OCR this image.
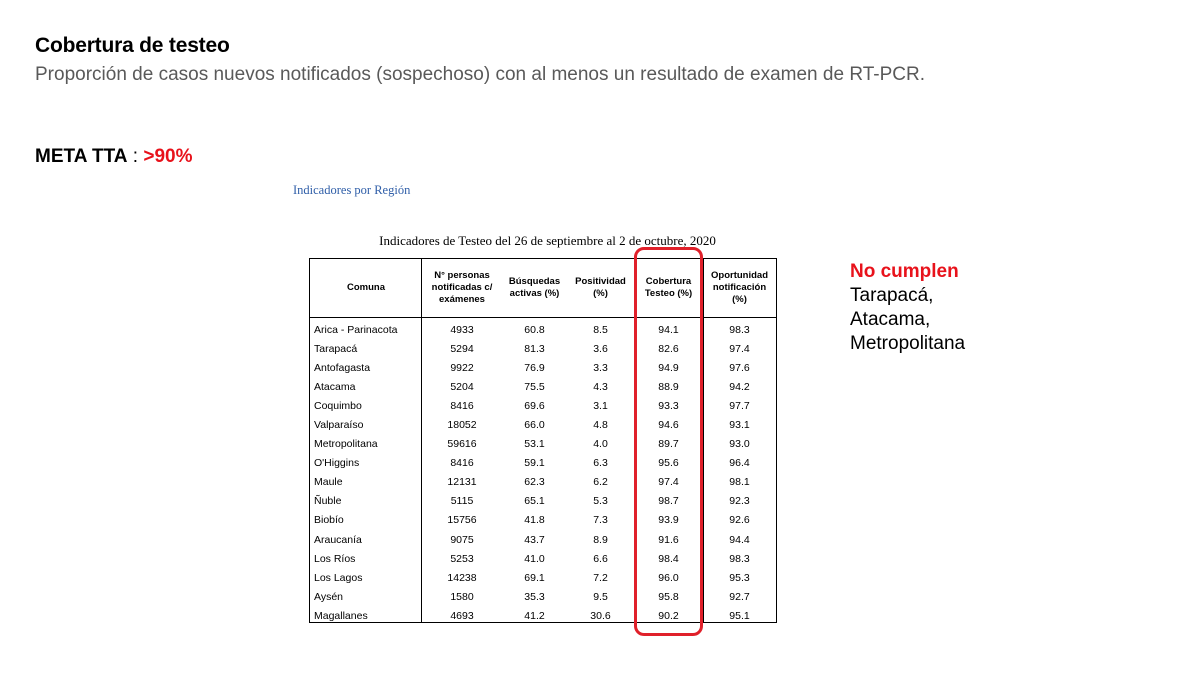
Cobertura de testeo
Proporción de casos nuevos notificados (sospechoso) con al menos un resultado de examen de RT-PCR.
META TTA : >90%
Indicadores por Región
Indicadores de Testeo del 26 de septiembre al 2 de octubre, 2020
Comuna	N° personas notificadas c/ exámenes	Búsquedas activas (%)	Positividad (%)	Cobertura Testeo (%)	Oportunidad notificación (%)
Arica - Parinacota	4933	60.8	8.5	94.1	98.3
Tarapacá	5294	81.3	3.6	82.6	97.4
Antofagasta	9922	76.9	3.3	94.9	97.6
Atacama	5204	75.5	4.3	88.9	94.2
Coquimbo	8416	69.6	3.1	93.3	97.7
Valparaíso	18052	66.0	4.8	94.6	93.1
Metropolitana	59616	53.1	4.0	89.7	93.0
O'Higgins	8416	59.1	6.3	95.6	96.4
Maule	12131	62.3	6.2	97.4	98.1
Ñuble	5115	65.1	5.3	98.7	92.3
Biobío	15756	41.8	7.3	93.9	92.6
Araucanía	9075	43.7	8.9	91.6	94.4
Los Ríos	5253	41.0	6.6	98.4	98.3
Los Lagos	14238	69.1	7.2	96.0	95.3
Aysén	1580	35.3	9.5	95.8	92.7
Magallanes	4693	41.2	30.6	90.2	95.1
No cumplen
Tarapacá,
Atacama,
Metropolitana
